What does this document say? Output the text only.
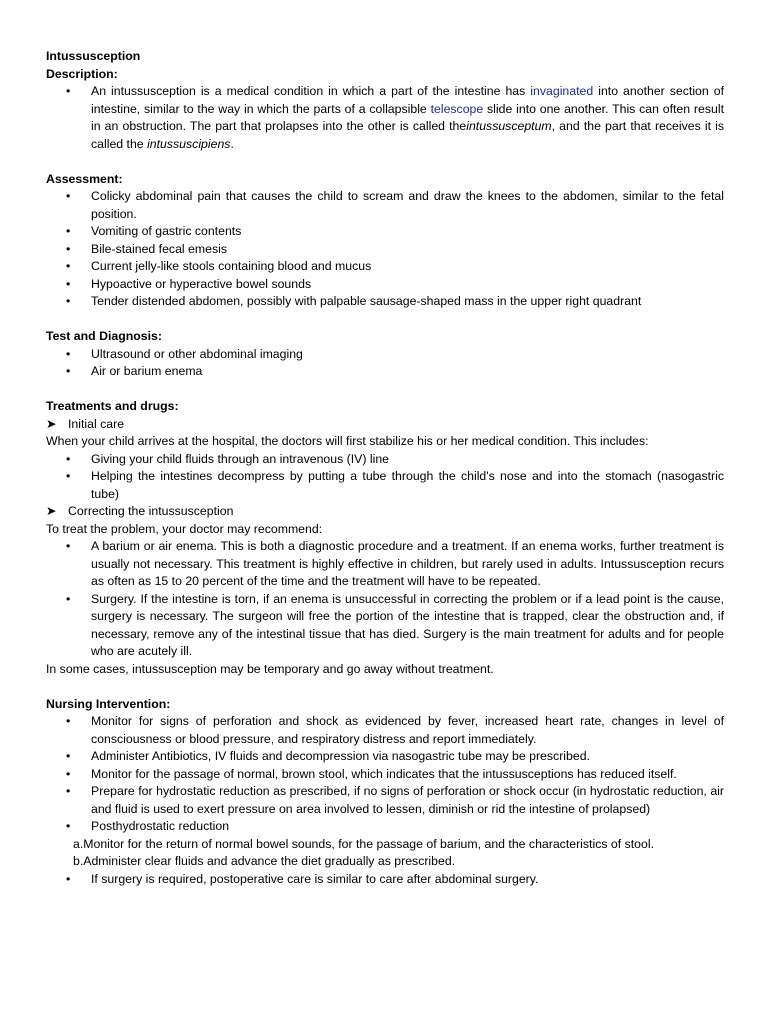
Intussusception
Description:
• An intussusception is a medical condition in which a part of the intestine has invaginated into another section of intestine, similar to the way in which the parts of a collapsible telescope slide into one another. This can often result in an obstruction. The part that prolapses into the other is called theintussusceptum, and the part that receives it is called the intussuscipiens.
Assessment:
• Colicky abdominal pain that causes the child to scream and draw the knees to the abdomen, similar to the fetal position.
• Vomiting of gastric contents
• Bile-stained fecal emesis
• Current jelly-like stools containing blood and mucus
• Hypoactive or hyperactive bowel sounds
• Tender distended abdomen, possibly with palpable sausage-shaped mass in the upper right quadrant
Test and Diagnosis:
• Ultrasound or other abdominal imaging
• Air or barium enema
Treatments and drugs:
➤ Initial care

When your child arrives at the hospital, the doctors will first stabilize his or her medical condition. This includes:

• Giving your child fluids through an intravenous (IV) line
• Helping the intestines decompress by putting a tube through the child's nose and into the stomach (nasogastric tube)
➤ Correcting the intussusception

To treat the problem, your doctor may recommend:

• A barium or air enema. This is both a diagnostic procedure and a treatment. If an enema works, further treatment is usually not necessary. This treatment is highly effective in children, but rarely used in adults. Intussusception recurs as often as 15 to 20 percent of the time and the treatment will have to be repeated.
• Surgery. If the intestine is torn, if an enema is unsuccessful in correcting the problem or if a lead point is the cause, surgery is necessary. The surgeon will free the portion of the intestine that is trapped, clear the obstruction and, if necessary, remove any of the intestinal tissue that has died. Surgery is the main treatment for adults and for people who are acutely ill.

In some cases, intussusception may be temporary and go away without treatment.

Nursing Intervention:
• Monitor for signs of perforation and shock as evidenced by fever, increased heart rate, changes in level of consciousness or blood pressure, and respiratory distress and report immediately.
• Administer Antibiotics, IV fluids and decompression via nasogastric tube may be prescribed.
• Monitor for the passage of normal, brown stool, which indicates that the intussusceptions has reduced itself.
• Prepare for hydrostatic reduction as prescribed, if no signs of perforation or shock occur (in hydrostatic reduction, air and fluid is used to exert pressure on area involved to lessen, diminish or rid the intestine of prolapsed)
• Posthydrostatic reduction
a.Monitor for the return of normal bowel sounds, for the passage of barium, and the characteristics of stool.
b.Administer clear fluids and advance the diet gradually as prescribed.
• If surgery is required, postoperative care is similar to care after abdominal surgery.
